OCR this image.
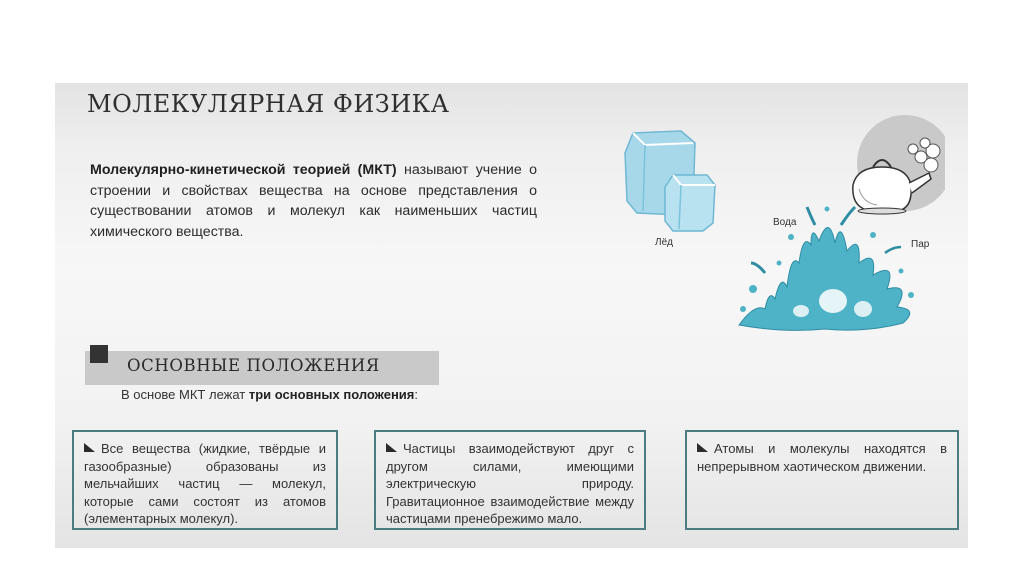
МОЛЕКУЛЯРНАЯ ФИЗИКА

Молекулярно-кинетической теорией (МКТ) называют учение о строении и свойствах вещества на основе представления о существовании атомов и молекул как наименьших частиц химического вещества.

Лёд
Вода
Пар
ОСНОВНЫЕ ПОЛОЖЕНИЯ

В основе МКТ лежат три основных положения:

Все вещества (жидкие, твёрдые и газообразные) образованы из мельчайших частиц — молекул, которые сами состоят из атомов (элементарных молекул).

Частицы взаимодействуют друг с другом силами, имеющими электрическую природу. Гравитационное взаимодействие между частицами пренебрежимо мало.

Атомы и молекулы находятся в непрерывном хаотическом движении.
